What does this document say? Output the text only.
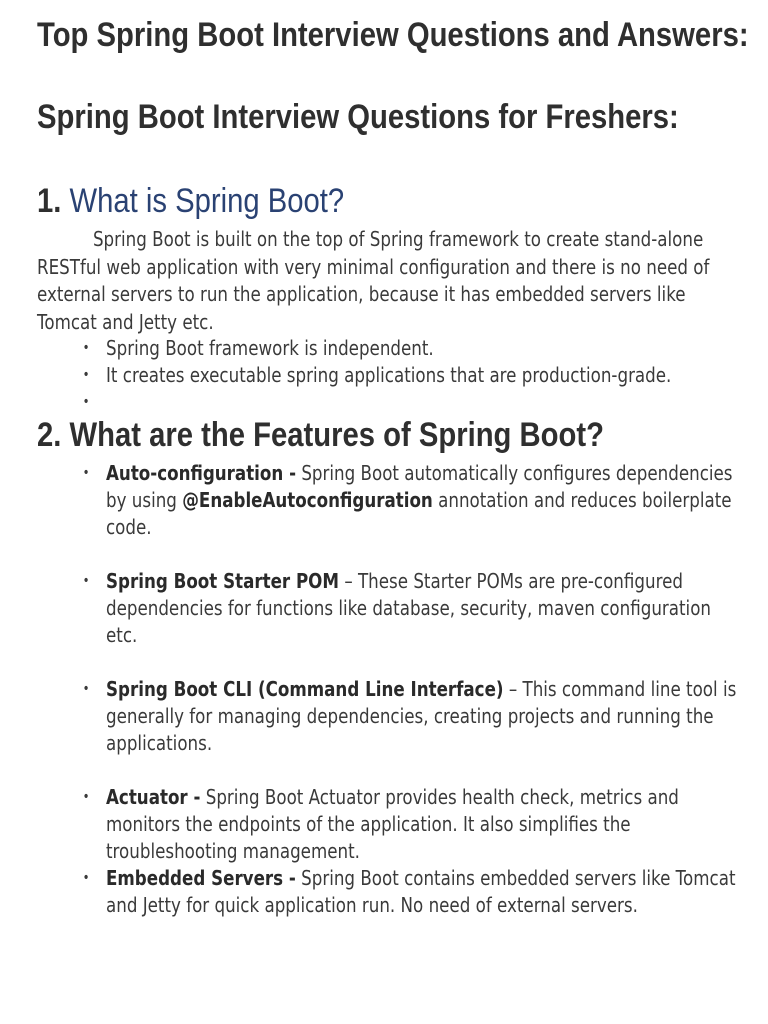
Top Spring Boot Interview Questions and Answers:
Spring Boot Interview Questions for Freshers:
1. What is Spring Boot?

Spring Boot is built on the top of Spring framework to create stand-alone RESTful web application with very minimal configuration and there is no need of external servers to run the application, because it has embedded servers like Tomcat and Jetty etc.

• Spring Boot framework is independent.
• It creates executable spring applications that are production-grade.
•

2. What are the Features of Spring Boot?
• Auto-configuration - Spring Boot automatically configures dependencies by using @EnableAutoconfiguration annotation and reduces boilerplate code.
• Spring Boot Starter POM – These Starter POMs are pre-configured dependencies for functions like database, security, maven configuration etc.
• Spring Boot CLI (Command Line Interface) – This command line tool is generally for managing dependencies, creating projects and running the applications.
• Actuator - Spring Boot Actuator provides health check, metrics and monitors the endpoints of the application. It also simplifies the troubleshooting management.
• Embedded Servers - Spring Boot contains embedded servers like Tomcat and Jetty for quick application run. No need of external servers.
